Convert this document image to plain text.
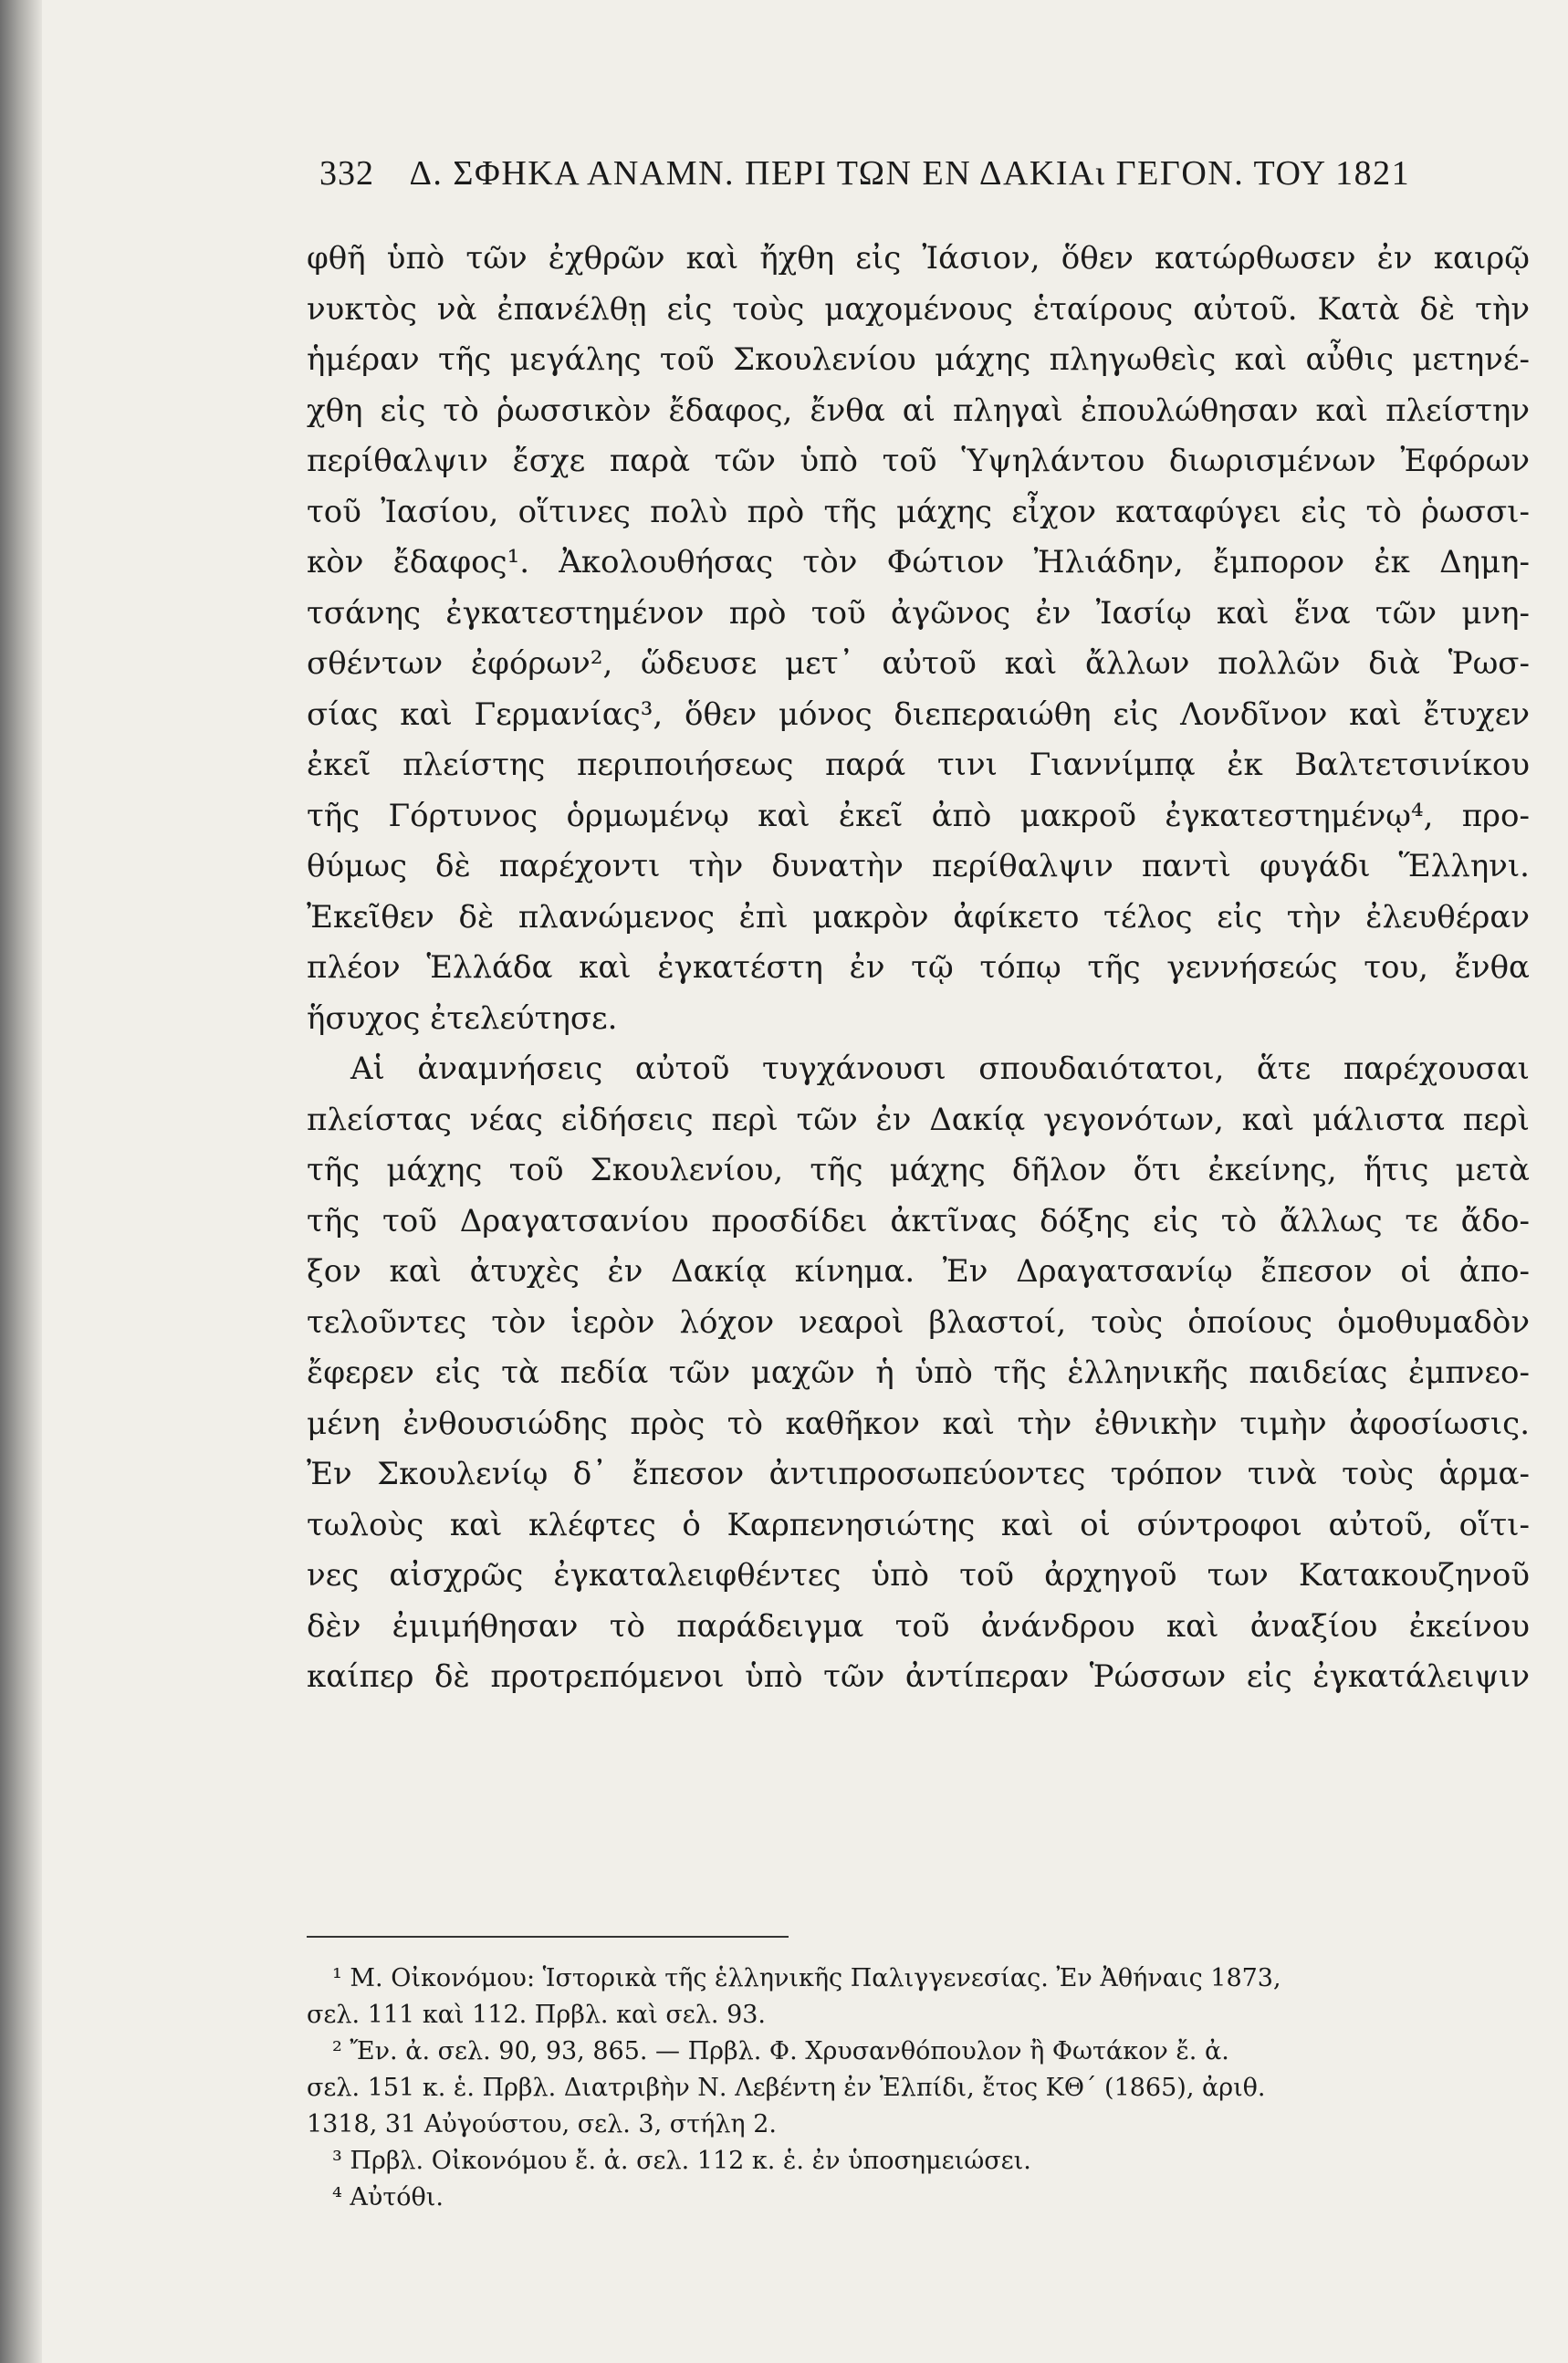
332 Δ. ΣΦΗΚΑ ΑΝΑΜΝ. ΠΕΡΙ ΤΩΝ ΕΝ ΔΑΚΙΑι ΓΕΓΟΝ. ΤΟΥ 1821
φθῆ ὑπὸ τῶν ἐχθρῶν καὶ ἤχθη εἰς Ἰάσιον, ὅθεν κατώρθωσεν ἐν καιρῷ
νυκτὸς νὰ ἐπανέλθῃ εἰς τοὺς μαχομένους ἑταίρους αὐτοῦ. Κατὰ δὲ τὴν
ἡμέραν τῆς μεγάλης τοῦ Σκουλενίου μάχης πληγωθεὶς καὶ αὖθις μετηνέ-
χθη εἰς τὸ ῥωσσικὸν ἔδαφος, ἔνθα αἱ πληγαὶ ἐπουλώθησαν καὶ πλείστην
περίθαλψιν ἔσχε παρὰ τῶν ὑπὸ τοῦ Ὑψηλάντου διωρισμένων Ἐφόρων
τοῦ Ἰασίου, οἵτινες πολὺ πρὸ τῆς μάχης εἶχον καταφύγει εἰς τὸ ῥωσσι-
κὸν ἔδαφος¹. Ἀκολουθήσας τὸν Φώτιον Ἠλιάδην, ἔμπορον ἐκ Δημη-
τσάνης ἐγκατεστημένον πρὸ τοῦ ἀγῶνος ἐν Ἰασίῳ καὶ ἕνα τῶν μνη-
σθέντων ἐφόρων², ὥδευσε μετ᾽ αὐτοῦ καὶ ἄλλων πολλῶν διὰ Ῥωσ-
σίας καὶ Γερμανίας³, ὅθεν μόνος διεπεραιώθη εἰς Λονδῖνον καὶ ἔτυχεν
ἐκεῖ πλείστης περιποιήσεως παρά τινι Γιαννίμπᾳ ἐκ Βαλτετσινίκου
τῆς Γόρτυνος ὁρμωμένῳ καὶ ἐκεῖ ἀπὸ μακροῦ ἐγκατεστημένῳ⁴, προ-
θύμως δὲ παρέχοντι τὴν δυνατὴν περίθαλψιν παντὶ φυγάδι Ἕλληνι.
Ἐκεῖθεν δὲ πλανώμενος ἐπὶ μακρὸν ἀφίκετο τέλος εἰς τὴν ἐλευθέραν
πλέον Ἑλλάδα καὶ ἐγκατέστη ἐν τῷ τόπῳ τῆς γεννήσεώς του, ἔνθα
ἥσυχος ἐτελεύτησε.
Αἱ ἀναμνήσεις αὐτοῦ τυγχάνουσι σπουδαιότατοι, ἅτε παρέχουσαι
πλείστας νέας εἰδήσεις περὶ τῶν ἐν Δακίᾳ γεγονότων, καὶ μάλιστα περὶ
τῆς μάχης τοῦ Σκουλενίου, τῆς μάχης δῆλον ὅτι ἐκείνης, ἥτις μετὰ
τῆς τοῦ Δραγατσανίου προσδίδει ἀκτῖνας δόξης εἰς τὸ ἄλλως τε ἄδο-
ξον καὶ ἀτυχὲς ἐν Δακίᾳ κίνημα. Ἐν Δραγατσανίῳ ἔπεσον οἱ ἀπο-
τελοῦντες τὸν ἱερὸν λόχον νεαροὶ βλαστοί, τοὺς ὁποίους ὁμοθυμαδὸν
ἔφερεν εἰς τὰ πεδία τῶν μαχῶν ἡ ὑπὸ τῆς ἑλληνικῆς παιδείας ἐμπνεο-
μένη ἐνθουσιώδης πρὸς τὸ καθῆκον καὶ τὴν ἐθνικὴν τιμὴν ἀφοσίωσις.
Ἐν Σκουλενίῳ δ᾽ ἔπεσον ἀντιπροσωπεύοντες τρόπον τινὰ τοὺς ἁρμα-
τωλοὺς καὶ κλέφτες ὁ Καρπενησιώτης καὶ οἱ σύντροφοι αὐτοῦ, οἵτι-
νες αἰσχρῶς ἐγκαταλειφθέντες ὑπὸ τοῦ ἀρχηγοῦ των Κατακουζηνοῦ
δὲν ἐμιμήθησαν τὸ παράδειγμα τοῦ ἀνάνδρου καὶ ἀναξίου ἐκείνου
καίπερ δὲ προτρεπόμενοι ὑπὸ τῶν ἀντίπεραν Ῥώσσων εἰς ἐγκατάλειψιν
¹ Μ. Οἰκονόμου: Ἱστορικὰ τῆς ἑλληνικῆς Παλιγγενεσίας. Ἐν Ἀθήναις 1873,
σελ. 111 καὶ 112. Πρβλ. καὶ σελ. 93.
² Ἔν. ἀ. σελ. 90, 93, 865. — Πρβλ. Φ. Χρυσανθόπουλον ἢ Φωτάκον ἔ. ἀ.
σελ. 151 κ. ἑ. Πρβλ. Διατριβὴν Ν. Λεβέντη ἐν Ἐλπίδι, ἔτος ΚΘ´ (1865), ἀριθ.
1318, 31 Αὐγούστου, σελ. 3, στήλη 2.
³ Πρβλ. Οἰκονόμου ἔ. ἀ. σελ. 112 κ. ἑ. ἐν ὑποσημειώσει.
⁴ Αὐτόθι.
